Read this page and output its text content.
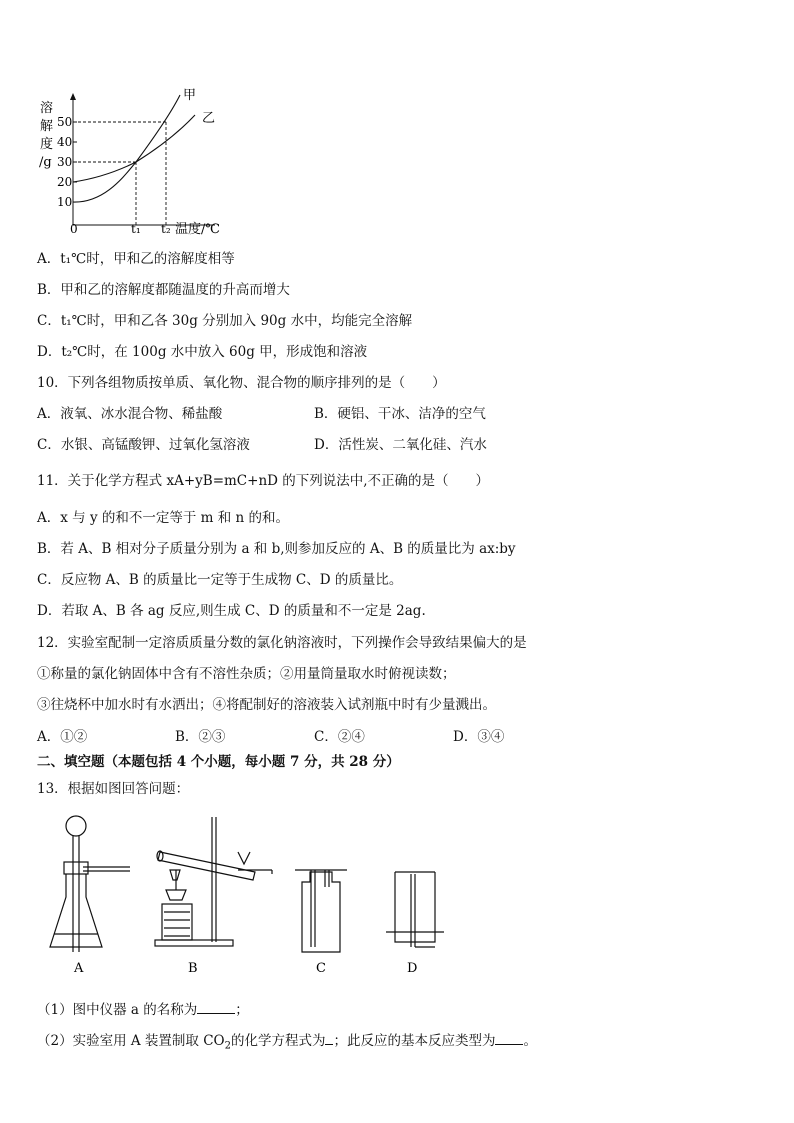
溶
解
度
/g
50
40
30
20
10
0	t₁ t₂ 温度/℃
甲
乙
A．t₁℃时，甲和乙的溶解度相等
B．甲和乙的溶解度都随温度的升高而增大
C．t₁℃时，甲和乙各 30g 分别加入 90g 水中，均能完全溶解
D．t₂℃时，在 100g 水中放入 60g 甲，形成饱和溶液
10．下列各组物质按单质、氧化物、混合物的顺序排列的是（　　）
A．液氧、冰水混合物、稀盐酸	B．硬铝、干冰、洁净的空气
C．水银、高锰酸钾、过氧化氢溶液	D．活性炭、二氧化硅、汽水
11．关于化学方程式 xA+yB=mC+nD 的下列说法中,不正确的是（　　）
A．x 与 y 的和不一定等于 m 和 n 的和。
B．若 A、B 相对分子质量分别为 a 和 b,则参加反应的 A、B 的质量比为 ax:by
C．反应物 A、B 的质量比一定等于生成物 C、D 的质量比。
D．若取 A、B 各 ag 反应,则生成 C、D 的质量和不一定是 2ag.
12．实验室配制一定溶质质量分数的氯化钠溶液时，下列操作会导致结果偏大的是
①称量的氯化钠固体中含有不溶性杂质；②用量筒量取水时俯视读数；
③往烧杯中加水时有水洒出；④将配制好的溶液装入试剂瓶中时有少量溅出。
A．①②	B．②③	C．②④	D．③④
二、填空题（本题包括 4 个小题，每小题 7 分，共 28 分）
13．根据如图回答问题：
A	B	C	D
（1）图中仪器 a 的名称为	；
（2）实验室用 A 装置制取 $CO_2$的化学方程式为 ；此反应的基本反应类型为 。
